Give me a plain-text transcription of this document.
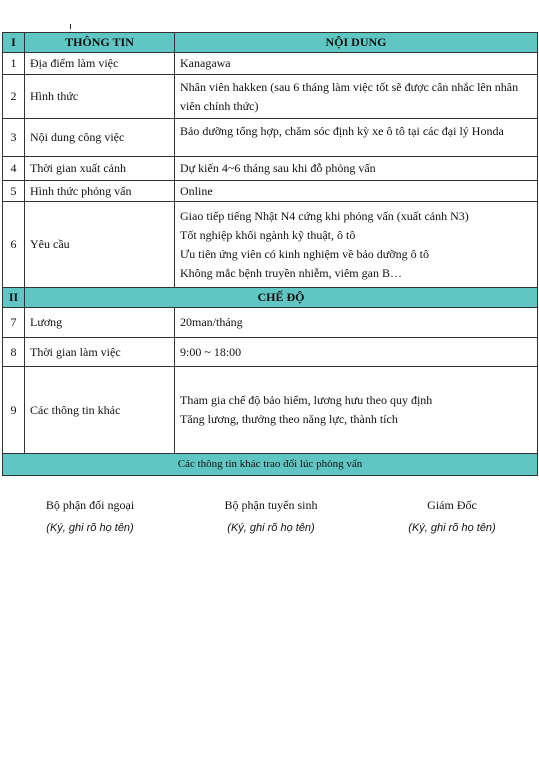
I	THÔNG TIN	NỘI DUNG
1	Địa điểm làm việc	Kanagawa

2	Hình thức	Nhân viên hakken (sau 6 tháng làm việc tốt sẽ được cân nhắc lên nhân viên chính thức)

3	Nội dung công việc	Bảo dưỡng tổng hợp, chăm sóc định kỳ xe ô tô tại các đại lý Honda

4	Thời gian xuất cảnh	Dự kiến 4~6 tháng sau khi đỗ phỏng vấn

5	Hình thức phỏng vấn	Online

6	Yêu cầu	Giao tiếp tiếng Nhật N4 cứng khi phỏng vấn (xuất cảnh N3)
Tốt nghiệp khối ngành kỹ thuật, ô tô
Ưu tiên ứng viên có kinh nghiệm về bảo dưỡng ô tô
Không mắc bệnh truyền nhiễm, viêm gan B…

II	CHẾ ĐỘ	
7	Lương	20man/tháng

8	Thời gian làm việc	9:00 ~ 18:00

9	Các thông tin khác	Tham gia chế độ bảo hiểm, lương hưu theo quy định
Tăng lương, thưởng theo năng lực, thành tích

Các thông tin khác trao đổi lúc phỏng vấn		
Bộ phận đối ngoại
(Ký, ghi rõ họ tên)
Bộ phận tuyển sinh
(Ký, ghi rõ họ tên)
Giám Đốc
(Ký, ghi rõ họ tên)
